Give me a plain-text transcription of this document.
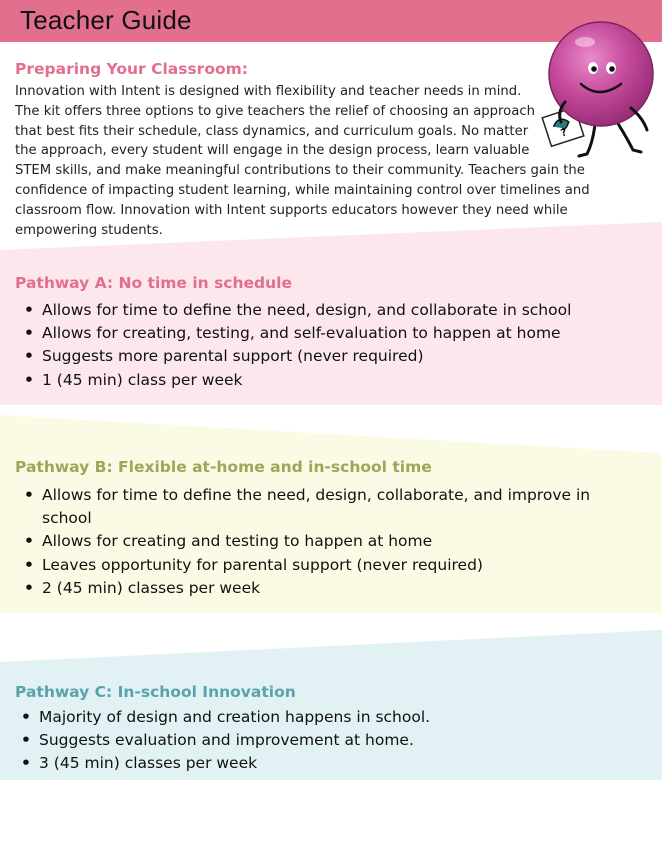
Teacher Guide
?
Preparing Your Classroom:

Innovation with Intent is designed with flexibility and teacher needs in mind.
The kit offers three options to give teachers the relief of choosing an approach
that best fits their schedule, class dynamics, and curriculum goals. No matter
the approach, every student will engage in the design process, learn valuable
STEM skills, and make meaningful contributions to their community. Teachers gain the
confidence of impacting student learning, while maintaining control over timelines and
classroom flow. Innovation with Intent supports educators however they need while
empowering students.

Pathway A: No time in schedule
• Allows for time to define the need, design, and collaborate in school
• Allows for creating, testing, and self-evaluation to happen at home
• Suggests more parental support (never required)
• 1 (45 min) class per week
Pathway B: Flexible at-home and in-school time
• Allows for time to define the need, design, collaborate, and improve in school
• Allows for creating and testing to happen at home
• Leaves opportunity for parental support (never required)
• 2 (45 min) classes per week
Pathway C: In-school Innovation
• Majority of design and creation happens in school.
• Suggests evaluation and improvement at home.
• 3 (45 min) classes per week
